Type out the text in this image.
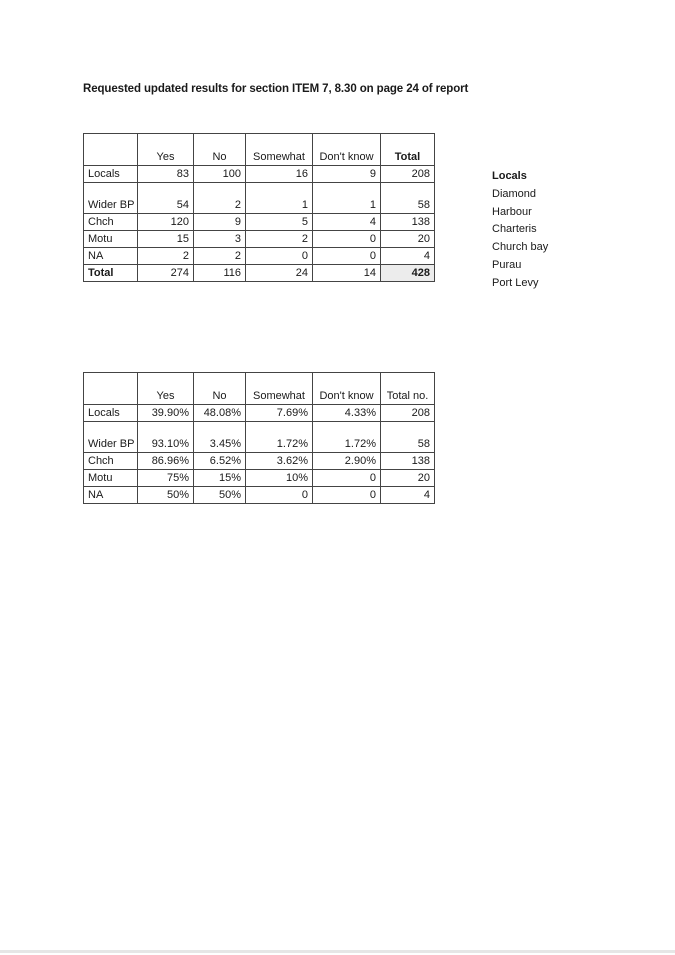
Requested updated results for section ITEM 7, 8.30 on page 24 of report
	Yes	No	Somewhat	Don't know	Total
Locals	83	100	16	9	208
Wider BP	54	2	1	1	58
Chch	120	9	5	4	138
Motu	15	3	2	0	20
NA	2	2	0	0	4
Total	274	116	24	14	428
Locals
Diamond
Harbour
Charteris
Church bay
Purau
Port Levy
	Yes	No	Somewhat	Don't know	Total no.
Locals	39.90%	48.08%	7.69%	4.33%	208
Wider BP	93.10%	3.45%	1.72%	1.72%	58
Chch	86.96%	6.52%	3.62%	2.90%	138
Motu	75%	15%	10%	0	20
NA	50%	50%	0	0	4
